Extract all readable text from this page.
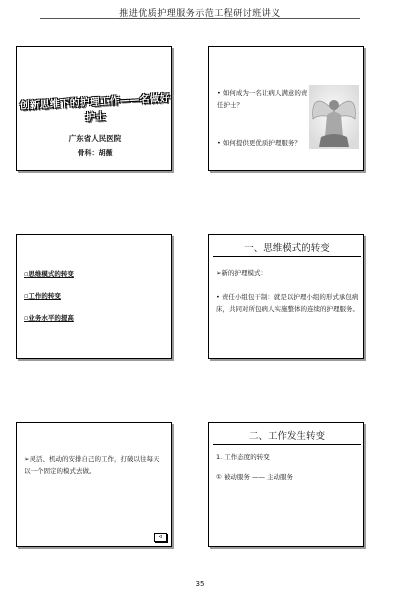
推进优质护理服务示范工程研讨班讲义
创新思维下的护理工作——名做好护士
广东省人民医院
骨科：胡薇
• 如何成为一名让病人满意的责任护士？
• 如何提供更优质护理服务？
▫思维模式的转变
▫工作的转变
▫业务水平的提高
一、思维模式的转变
➢新的护理模式：
• 责任小组包干制：就是以护理小组的形式承包病床，共同对所包病人实施整体的连续的护理服务。
➢灵活、机动的安排自己的工作，打破以往每天以一个固定的模式去做。
⊲
二、工作发生转变
1. 工作态度的转变
① 被动服务 —— 主动服务
35
